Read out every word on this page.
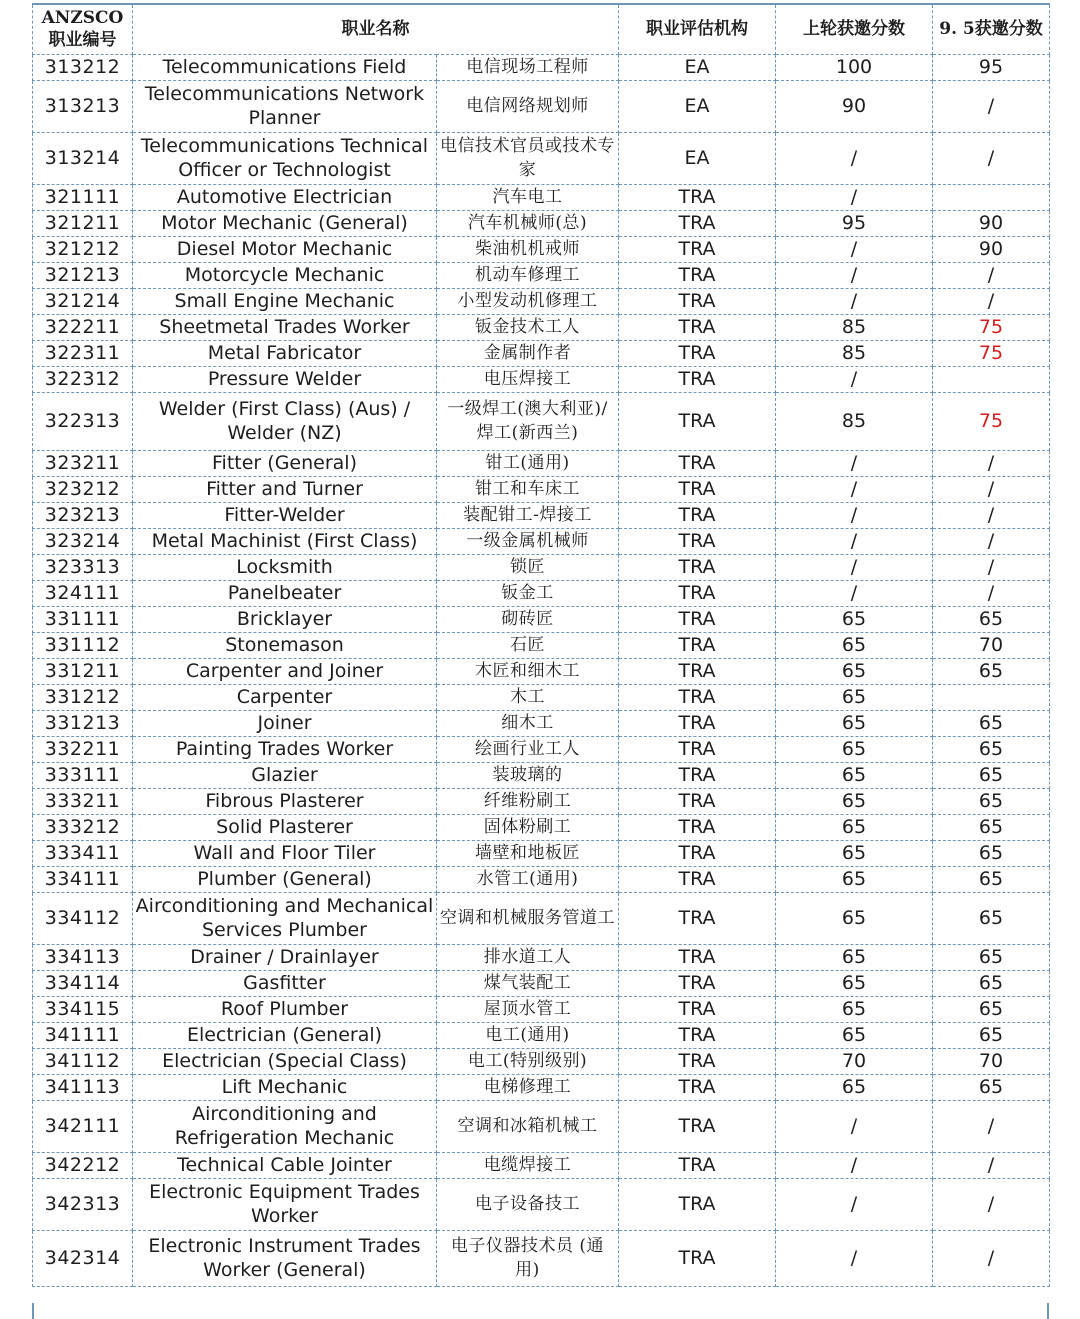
ANZSCO 职业编号	职业名称		职业评估机构	上轮获邀分数	9. 5获邀分数
313212	Telecommunications Field	电信现场工程师	EA	100	95
313213	Telecommunications Network Planner	电信网络规划师	EA	90	/
313214	Telecommunications Technical Officer or Technologist	电信技术官员或技术专家	EA	/	/
321111	Automotive Electrician	汽车电工	TRA	/	
321211	Motor Mechanic (General)	汽车机械师(总)	TRA	95	90
321212	Diesel Motor Mechanic	柴油机机戒师	TRA	/	90
321213	Motorcycle Mechanic	机动车修理工	TRA	/	/
321214	Small Engine Mechanic	小型发动机修理工	TRA	/	/
322211	Sheetmetal Trades Worker	钣金技术工人	TRA	85	75
322311	Metal Fabricator	金属制作者	TRA	85	75
322312	Pressure Welder	电压焊接工	TRA	/	
322313	Welder (First Class) (Aus) / Welder (NZ)	一级焊工(澳大利亚)/焊工(新西兰)	TRA	85	75
323211	Fitter (General)	钳工(通用)	TRA	/	/
323212	Fitter and Turner	钳工和车床工	TRA	/	/
323213	Fitter-Welder	装配钳工-焊接工	TRA	/	/
323214	Metal Machinist (First Class)	一级金属机械师	TRA	/	/
323313	Locksmith	锁匠	TRA	/	/
324111	Panelbeater	钣金工	TRA	/	/
331111	Bricklayer	砌砖匠	TRA	65	65
331112	Stonemason	石匠	TRA	65	70
331211	Carpenter and Joiner	木匠和细木工	TRA	65	65
331212	Carpenter	木工	TRA	65	
331213	Joiner	细木工	TRA	65	65
332211	Painting Trades Worker	绘画行业工人	TRA	65	65
333111	Glazier	装玻璃的	TRA	65	65
333211	Fibrous Plasterer	纤维粉刷工	TRA	65	65
333212	Solid Plasterer	固体粉刷工	TRA	65	65
333411	Wall and Floor Tiler	墙壁和地板匠	TRA	65	65
334111	Plumber (General)	水管工(通用)	TRA	65	65
334112	Airconditioning and Mechanical Services Plumber	空调和机械服务管道工	TRA	65	65
334113	Drainer / Drainlayer	排水道工人	TRA	65	65
334114	Gasfitter	煤气装配工	TRA	65	65
334115	Roof Plumber	屋顶水管工	TRA	65	65
341111	Electrician (General)	电工(通用)	TRA	65	65
341112	Electrician (Special Class)	电工(特别级别)	TRA	70	70
341113	Lift Mechanic	电梯修理工	TRA	65	65
342111	Airconditioning and Refrigeration Mechanic	空调和冰箱机械工	TRA	/	/
342212	Technical Cable Jointer	电缆焊接工	TRA	/	/
342313	Electronic Equipment Trades Worker	电子设备技工	TRA	/	/
342314	Electronic Instrument Trades Worker (General)	电子仪器技术员 (通用)	TRA	/	/
